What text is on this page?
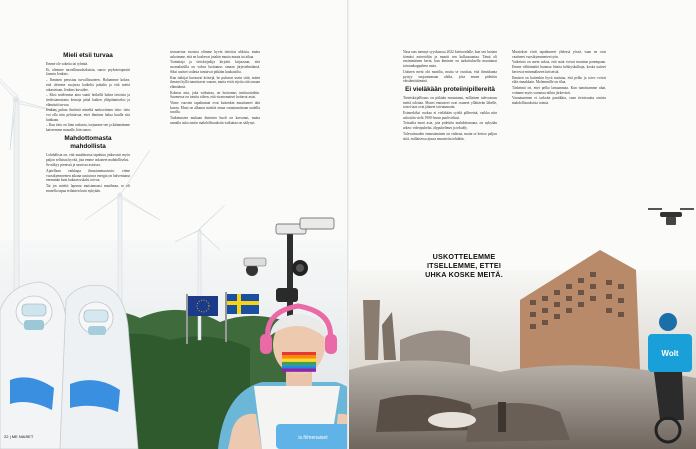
Wolt
is.fi/menaiset
Mieli etsii turvaa

Emme ole sokeita tai tyhmiä.

Ei, olemme turvallisuushakuisia, sanoo psykoterapeutti Jasmin Jenkins.

– Ihminen perustuu turvallisuuteen. Haluamme kokea, että olemme suojassa kaikelta pahalta ja että meitä rakastetaan, Jenkins kuvailee.

– Siksi mielemme aina vaatii hetkellä hakea tietoista ja tiedostamatonta keinoja pitää kaiken ylläpitämiseksi ja elämästä turvaa.

Jenkins puhuu ilmiöstä nimeltä narkoottinen tieto: tieto voi olla niin pelottavaa, ettei ihminen halua kuulla sitä lainkaan.

– Kun tieto on liian raskasta, torjumme sen ja käännämme katseemme muualle, hän sanoo.

Mahdottomasta mahdollista

Lohdullista on, että maailmassa tapahtuu jatkuvasti myös paljon sellaista hyvää, jota emme uskoneet mahdolliseksi.

Se näkyy pienissä ja suurissa asioissa.

Ajatellaan vaikkapa ilmastonmuutosta: viime vuosikymmenten aikana uusiutuva energia on halventunut enemmän kuin kukaan uskalsi toivoa.

Tai jos miettii lapsena muistamaasi maailmaa, se oli monella tapaa erilainen kuin nykyään.

seuraavina vuosina olimme hyvin tietoisia uhkista, mutta uskoimme, että ne koskevat jotakin muuta maata tai aikaa.

Toimittaja ja tietokirjailija kirjoitti kirjassaan, että suomalaisilla on vahva luottamus omaan järjestelmäänsä. Siksi uutiset sodasta tuntuivat pitkään kaukaisilta.

Kun tutkijat kuvaavat kriisejä, he puhuvat usein siitä, miten ihmiset kyllä tunnistavat vaaran, mutta eivät sijoita sitä omaan elämäänsä.

Kolmas asia, joka vaikuttaa, on luottamus instituutioihin. Suomessa on totuttu siihen, että viranomaiset hoitavat asiat.

Viime vuosien tapahtumat ovat kuitenkin muuttaneet tätä kuvaa. Moni on alkanut miettiä omaa varautumistaan uudella tavalla.

Tutkimusten mukaan ihmisten huoli on kasvanut, mutta samalla usko omiin mahdollisuuksiin vaikuttaa on säilynyt.

Nasa taas mennyt syyskuussa 2022 kiertoradalle, kun sen luotain törmäsi asteroidiin ja muutti sen kulkusuuntaa. Tämä oli ensimmäinen kerta, kun ihminen on tarkoituksella muuttanut taivaankappaleen rataa.

Uutinen meni ohi monilta, mutta se osoittaa, että ihmiskunta pystyy suojautumaan uhilta, joita ennen pidettiin väistämättöminä.

Ei vieläkään proteiinipillereitä

Tieteiskirjallisuus on pitkään ennustanut, millainen tulevaisuus meitä odottaa. Monet ennusteet ovat osuneet yllättävän lähelle, toiset taas ovat jääneet toteutumatta.

Esimerkiksi ruokaa ei vieläkään syödä pillereinä, vaikka niin uskottiin vielä 1900-luvun puolivälissä.

Toisaalta moni asia, jota pidettiin mahdottomana, on nykyään arkea: videopuhelut, älypuhelimet ja tekoäly.

Tulevaisuuden ennustaminen on vaikeaa, mutta se kertoo paljon siitä, millaisessa ajassa ennusteita tehdään.

Muutokset eivät tapahtuneet yhdessä yössä, vaan ne ovat vaatineet vuosikymmenten työn.

Vaikeinta on usein uskoa, että asiat voivat muuttua parempaan. Emme välttämättä huomaa hitaita kehityskulkuja, koska uutiset kertovat enimmäkseen kriiseistä.

Ihmisen on kuitenkin hyvä muistaa, että pelko ja toivo voivat elää rinnakkain. Molemmille on tilaa.

Tärkeintä on, ettei pelko lamaannuta. Kun tunnistamme uhat, voimme myös varautua niihin järkevästi.

Varautuminen ei tarkoita paniikkia, vaan tietoisuutta omista mahdollisuuksista toimia.

USKOTTELEMME ITSELLEMME, ETTEI UHKA KOSKE MEITÄ.
22 | ME NAISET
